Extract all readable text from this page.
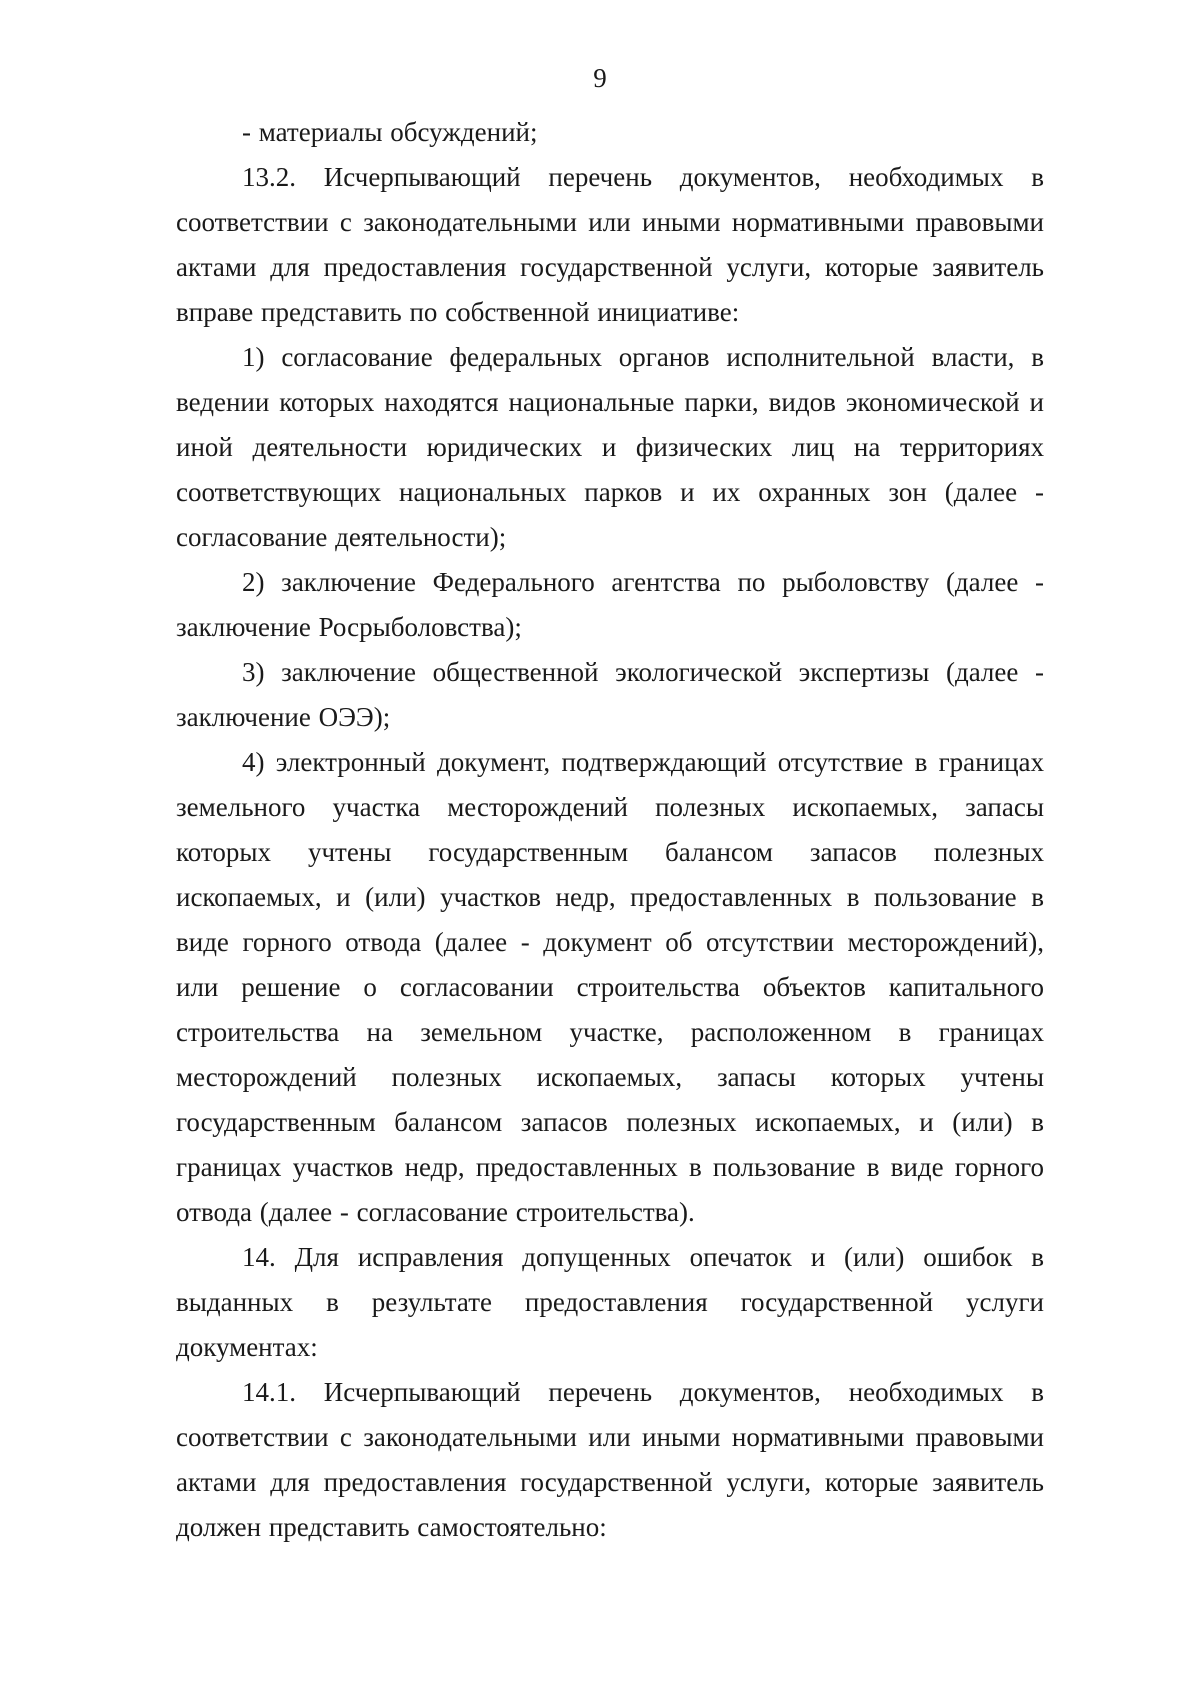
9

- материалы обсуждений;

13.2. Исчерпывающий перечень документов, необходимых в соответствии с законодательными или иными нормативными правовыми актами для предоставления государственной услуги, которые заявитель вправе представить по собственной инициативе:

1) согласование федеральных органов исполнительной власти, в ведении которых находятся национальные парки, видов экономической и иной деятельности юридических и физических лиц на территориях соответствующих национальных парков и их охранных зон (далее - согласование деятельности);

2) заключение Федерального агентства по рыболовству (далее - заключение Росрыболовства);

3) заключение общественной экологической экспертизы (далее - заключение ОЭЭ);

4) электронный документ, подтверждающий отсутствие в границах земельного участка месторождений полезных ископаемых, запасы которых учтены государственным балансом запасов полезных ископаемых, и (или) участков недр, предоставленных в пользование в виде горного отвода (далее - документ об отсутствии месторождений), или решение о согласовании строительства объектов капитального строительства на земельном участке, расположенном в границах месторождений полезных ископаемых, запасы которых учтены государственным балансом запасов полезных ископаемых, и (или) в границах участков недр, предоставленных в пользование в виде горного отвода (далее - согласование строительства).

14. Для исправления допущенных опечаток и (или) ошибок в выданных в результате предоставления государственной услуги документах:

14.1. Исчерпывающий перечень документов, необходимых в соответствии с законодательными или иными нормативными правовыми актами для предоставления государственной услуги, которые заявитель должен представить самостоятельно:
